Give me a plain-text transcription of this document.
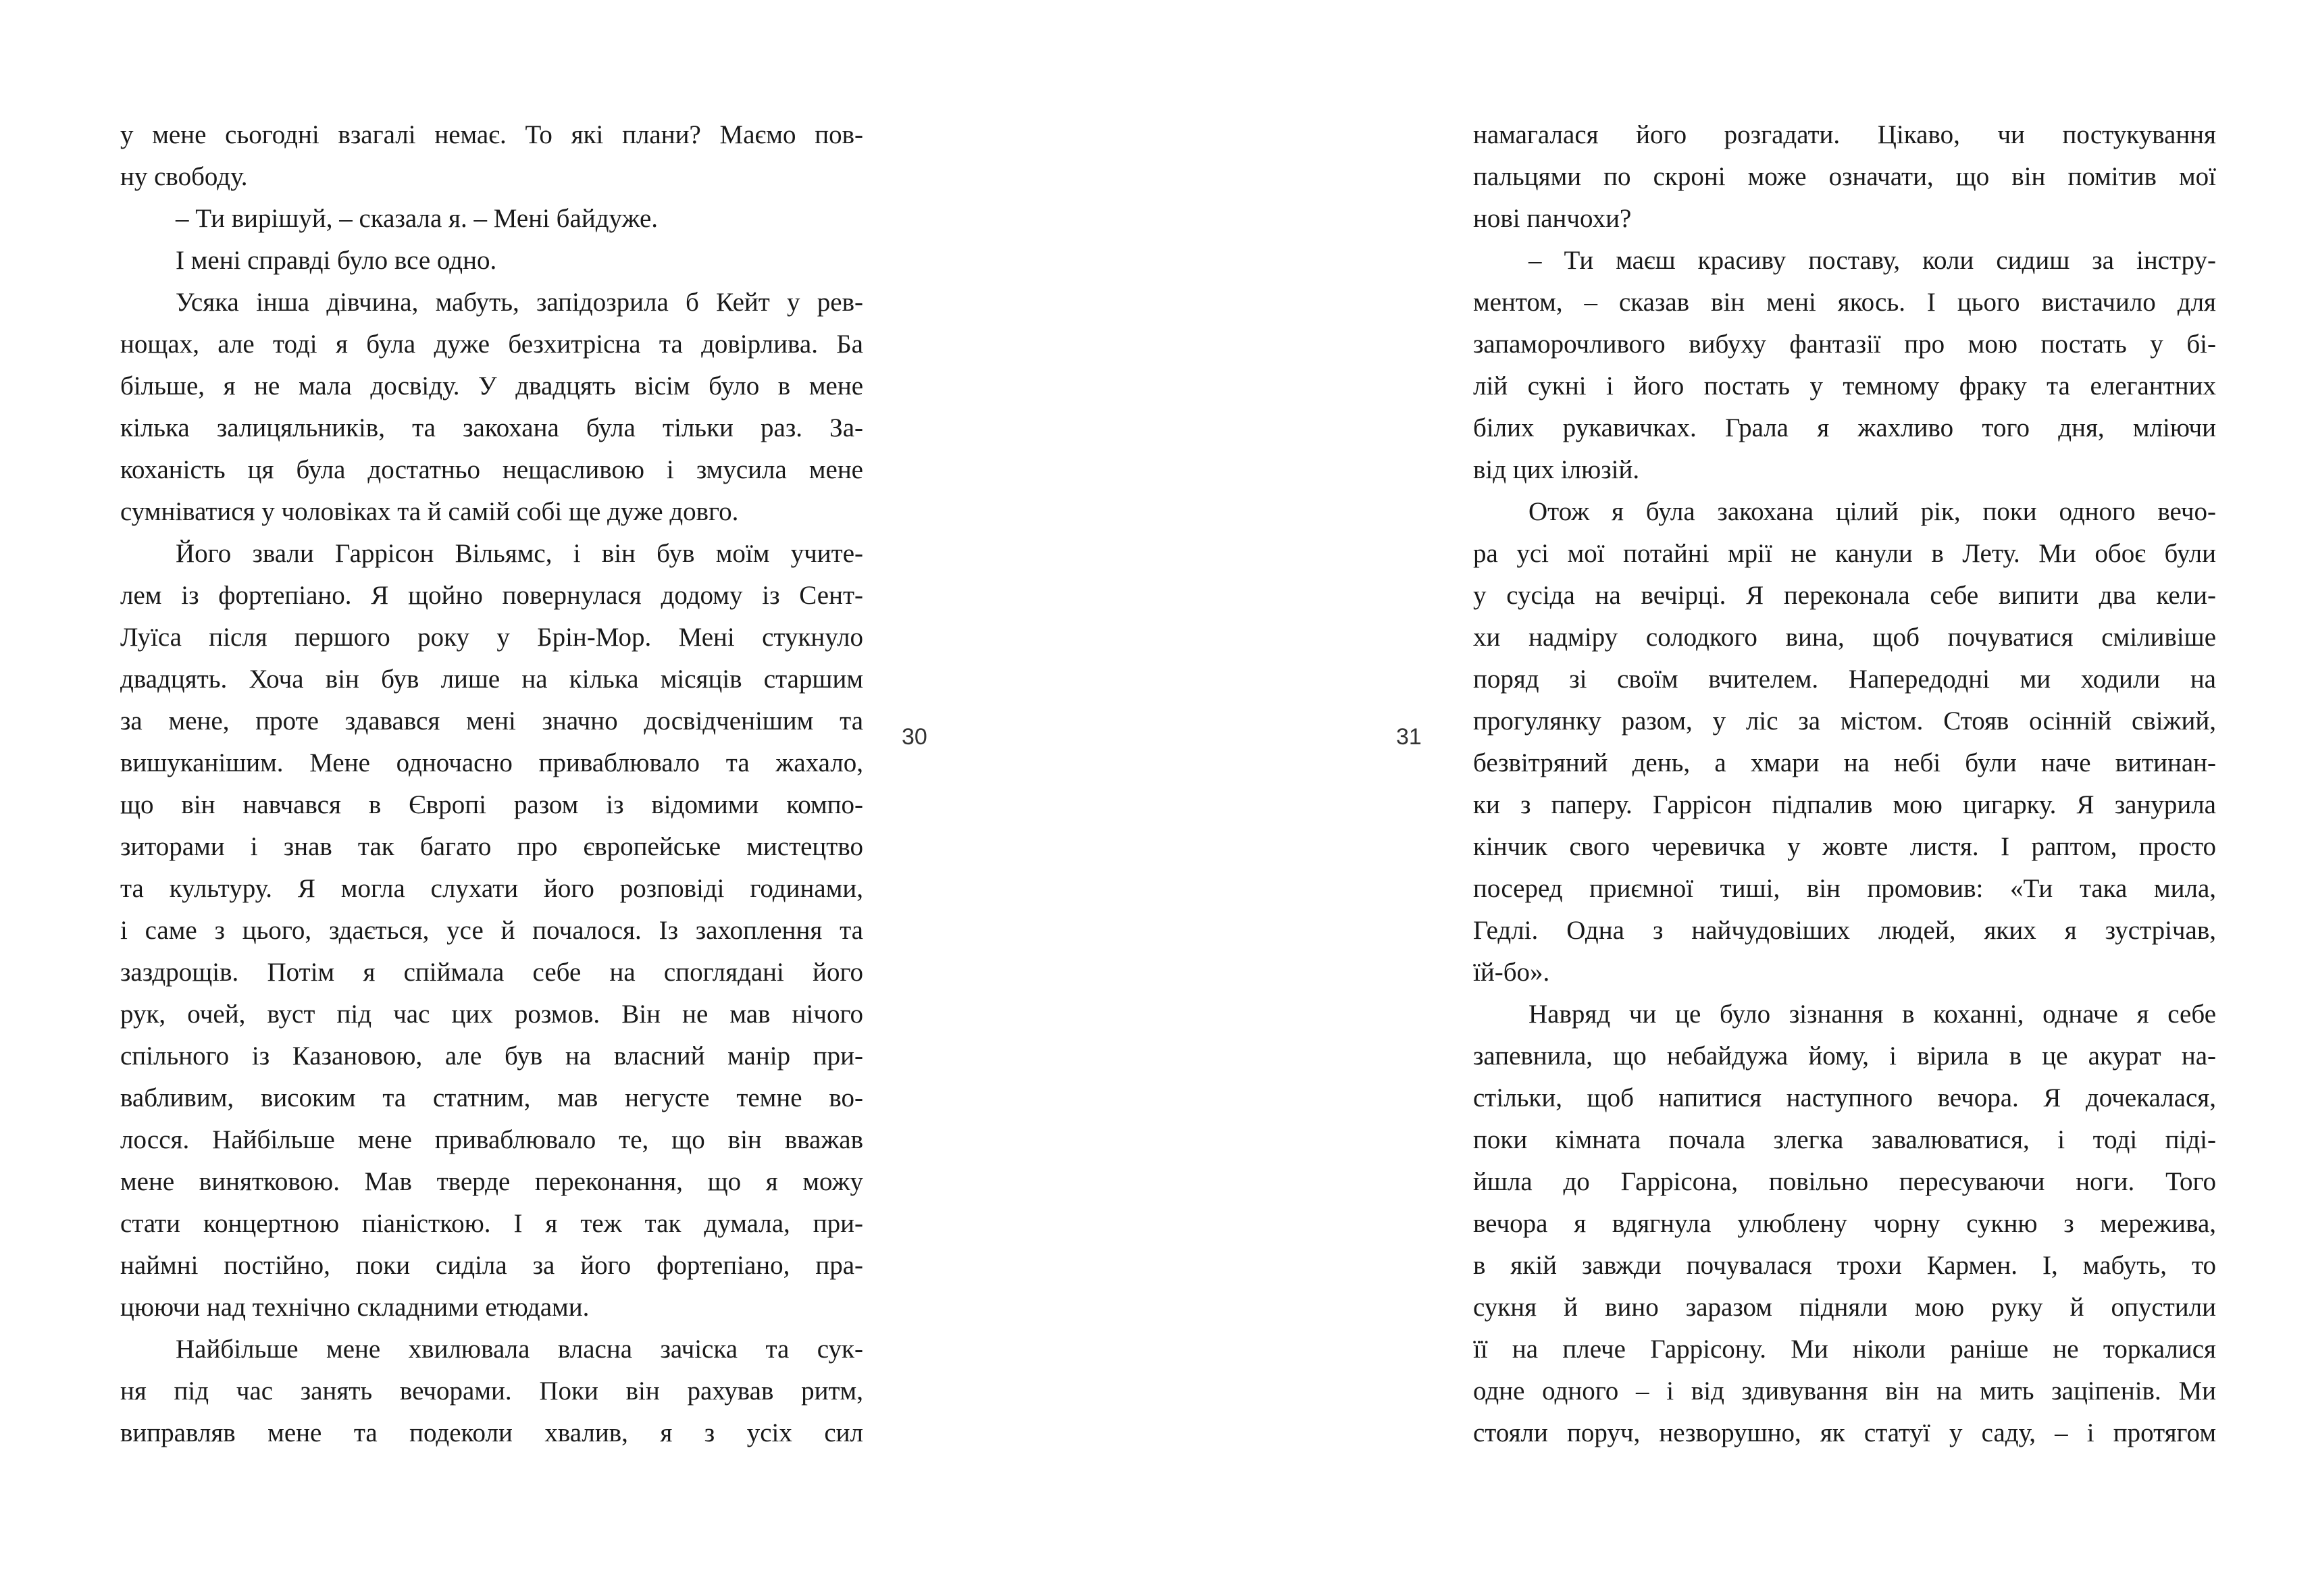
у мене сьогодні взагалі немає. То які плани? Маємо пов-
ну свободу.
– Ти вирішуй, – сказала я. – Мені байдуже.
І мені справді було все одно.
Усяка інша дівчина, мабуть, запідозрила б Кейт у рев-
нощах, але тоді я була дуже безхитрісна та довірлива. Ба
більше, я не мала досвіду. У двадцять вісім було в мене
кілька залицяльників, та закохана була тільки раз. За-
коханість ця була достатньо нещасливою і змусила мене
сумніватися у чоловіках та й самій собі ще дуже довго.
Його звали Гаррісон Вільямс, і він був моїм учите-
лем із фортепіано. Я щойно повернулася додому із Сент-
Луїса після першого року у Брін-Мор. Мені стукнуло
двадцять. Хоча він був лише на кілька місяців старшим
за мене, проте здавався мені значно досвідченішим та
вишуканішим. Мене одночасно приваблювало та жахало,
що він навчався в Європі разом із відомими компо-
зиторами і знав так багато про європейське мистецтво
та культуру. Я могла слухати його розповіді годинами,
і саме з цього, здається, усе й почалося. Із захоплення та
заздрощів. Потім я спіймала себе на споглядані його
рук, очей, вуст під час цих розмов. Він не мав нічого
спільного із Казановою, але був на власний манір при-
вабливим, високим та статним, мав негусте темне во-
лосся. Найбільше мене приваблювало те, що він вважав
мене винятковою. Мав тверде переконання, що я можу
стати концертною піаністкою. І я теж так думала, при-
наймні постійно, поки сиділа за його фортепіано, пра-
цюючи над технічно складними етюдами.
Найбільше мене хвилювала власна зачіска та сук-
ня під час занять вечорами. Поки він рахував ритм,
виправляв мене та подеколи хвалив, я з усіх сил
30
намагалася його розгадати. Цікаво, чи постукування
пальцями по скроні може означати, що він помітив мої
нові панчохи?
– Ти маєш красиву поставу, коли сидиш за інстру-
ментом, – сказав він мені якось. І цього вистачило для
запаморочливого вибуху фантазії про мою постать у бі-
лій сукні і його постать у темному фраку та елегантних
білих рукавичках. Грала я жахливо того дня, мліючи
від цих ілюзій.
Отож я була закохана цілий рік, поки одного вечо-
ра усі мої потайні мрії не канули в Лету. Ми обоє були
у сусіда на вечірці. Я переконала себе випити два кели-
хи надміру солодкого вина, щоб почуватися сміливіше
поряд зі своїм вчителем. Напередодні ми ходили на
прогулянку разом, у ліс за містом. Стояв осінній свіжий,
безвітряний день, а хмари на небі були наче витинан-
ки з паперу. Гаррісон підпалив мою цигарку. Я занурила
кінчик свого черевичка у жовте листя. І раптом, просто
посеред приємної тиші, він промовив: «Ти така мила,
Гедлі. Одна з найчудовіших людей, яких я зустрічав,
їй-бо».
Навряд чи це було зізнання в коханні, одначе я себе
запевнила, що небайдужа йому, і вірила в це акурат на-
стільки, щоб напитися наступного вечора. Я дочекалася,
поки кімната почала злегка завалюватися, і тоді піді-
йшла до Гаррісона, повільно пересуваючи ноги. Того
вечора я вдягнула улюблену чорну сукню з мережива,
в якій завжди почувалася трохи Кармен. І, мабуть, то
сукня й вино заразом підняли мою руку й опустили
її на плече Гаррісону. Ми ніколи раніше не торкалися
одне одного – і від здивування він на мить заціпенів. Ми
стояли поруч, незворушно, як статуї у саду, – і протягом
31
